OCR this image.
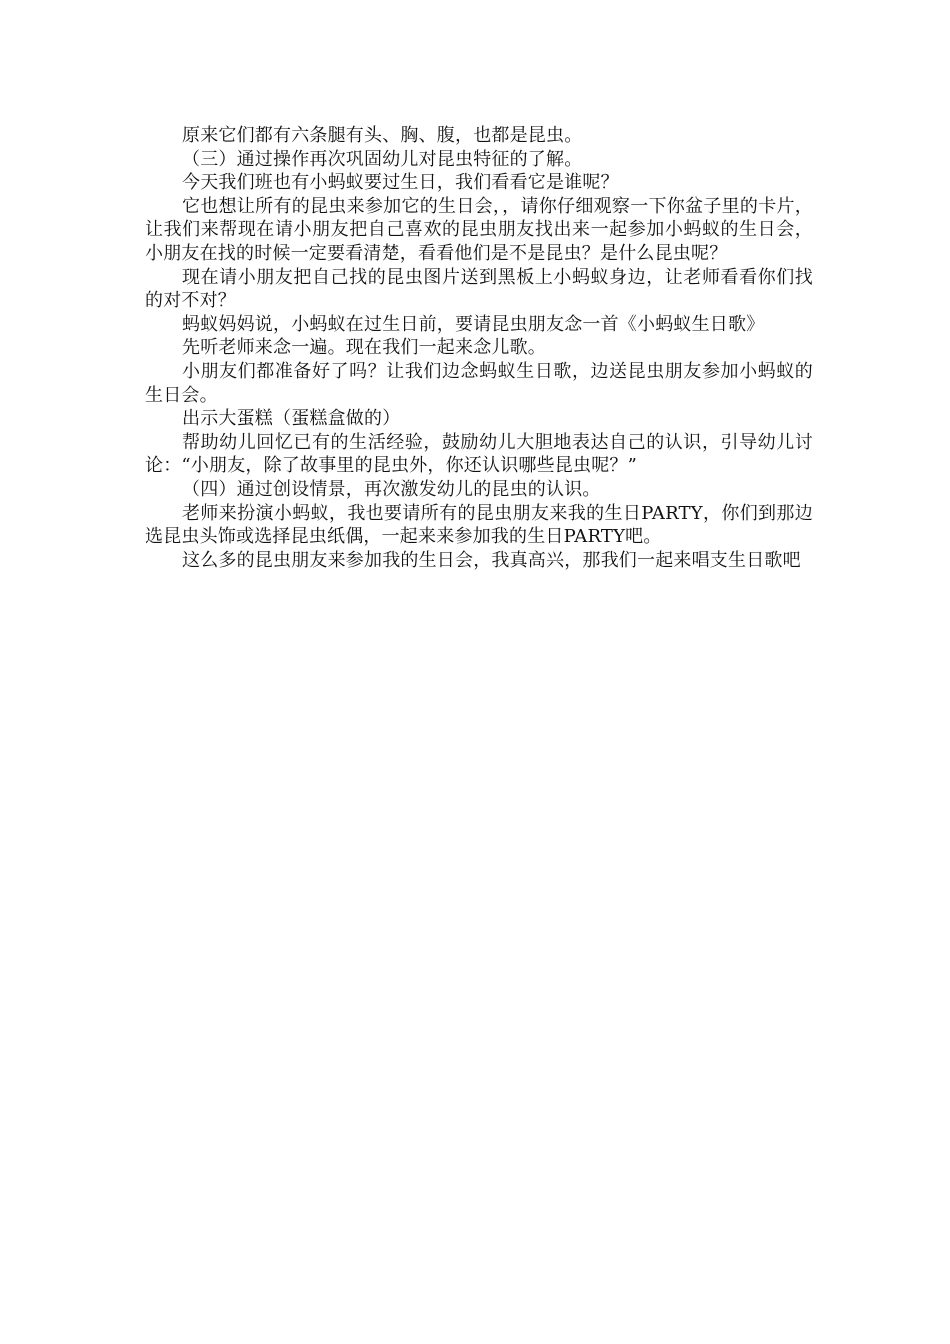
原来它们都有六条腿有头、胸、腹，也都是昆虫。

（三）通过操作再次巩固幼儿对昆虫特征的了解。

今天我们班也有小蚂蚁要过生日，我们看看它是谁呢？

它也想让所有的昆虫来参加它的生日会，，请你仔细观察一下你盆子里的卡片，让我们来帮现在请小朋友把自己喜欢的昆虫朋友找出来一起参加小蚂蚁的生日会，小朋友在找的时候一定要看清楚，看看他们是不是昆虫？是什么昆虫呢？

现在请小朋友把自己找的昆虫图片送到黑板上小蚂蚁身边，让老师看看你们找的对不对？

蚂蚁妈妈说，小蚂蚁在过生日前，要请昆虫朋友念一首《小蚂蚁生日歌》

先听老师来念一遍。现在我们一起来念儿歌。

小朋友们都准备好了吗？让我们边念蚂蚁生日歌，边送昆虫朋友参加小蚂蚁的生日会。

出示大蛋糕（蛋糕盒做的）

帮助幼儿回忆已有的生活经验，鼓励幼儿大胆地表达自己的认识，引导幼儿讨论：“小朋友，除了故事里的昆虫外，你还认识哪些昆虫呢？”

（四）通过创设情景，再次激发幼儿的昆虫的认识。

老师来扮演小蚂蚁，我也要请所有的昆虫朋友来我的生日PARTY，你们到那边选昆虫头饰或选择昆虫纸偶，一起来来参加我的生日PARTY吧。

这么多的昆虫朋友来参加我的生日会，我真高兴，那我们一起来唱支生日歌吧
